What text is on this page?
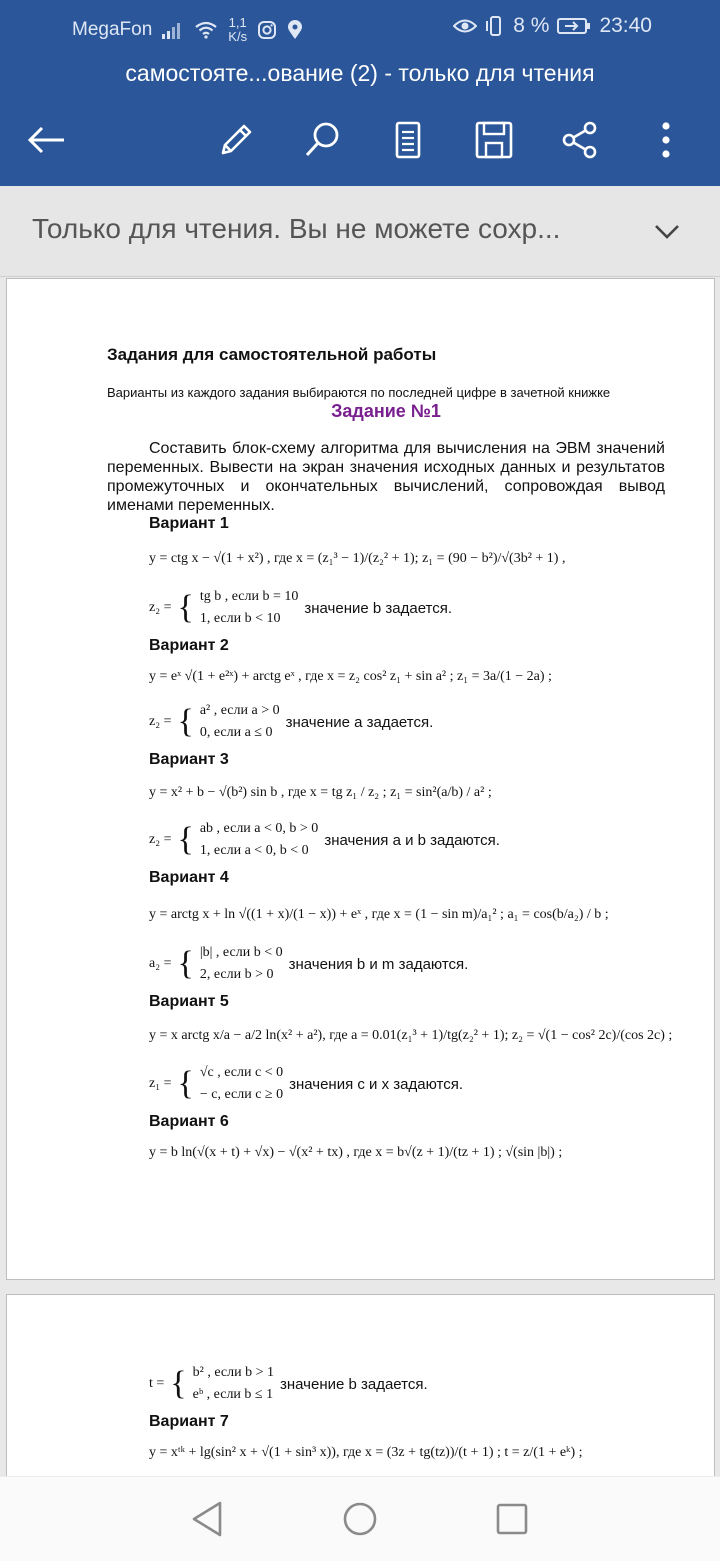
MegaFon	1,1
K/s	8 % 23:40
самостояте...ование (2) - только для чтения
Только для чтения. Вы не можете сохр...
Задания для самостоятельной работы
Варианты из каждого задания выбираются по последней цифре в зачетной книжке
Задание №1
Составить блок-схему алгоритма для вычисления на ЭВМ значений переменных. Вывести на экран значения исходных данных и результатов промежуточных и окончательных вычислений, сопровождая вывод именами переменных.
Вариант 1
y = ctg x − √(1 + x²) , где x = (z₁³ − 1)/(z₂² + 1); z₁ = (90 − b²)/√(3b² + 1) ,
z₂ = { tg b , если b = 10
1, если b < 10
значение b задается.
Вариант 2
y = eˣ √(1 + e²ˣ) + arctg eˣ , где x = z₂ cos² z₁ + sin a² ; z₁ = 3a/(1 − 2a) ;
z₂ = { a² , если a > 0
0, если a ≤ 0
значение a задается.
Вариант 3
y = x² + b − √(b²) sin b , где x = tg z₁ / z₂ ; z₁ = sin²(a/b) / a² ;
z₂ = { ab , если a < 0, b > 0
1, если a < 0, b < 0
значения a и b задаются.
Вариант 4
y = arctg x + ln √((1 + x)/(1 − x)) + eˣ , где x = (1 − sin m)/a₁² ; a₁ = cos(b/a₂) / b ;
a₂ = { |b| , если b < 0
2, если b > 0
значения b и m задаются.
Вариант 5
y = x arctg x/a − a/2 ln(x² + a²), где a = 0.01(z₁³ + 1)/tg(z₂² + 1); z₂ = √(1 − cos² 2c)/(cos 2c) ;
z₁ = { √c , если c < 0
− c, если c ≥ 0
значения c и x задаются.
Вариант 6
y = b ln(√(x + t) + √x) − √(x² + tx) , где x = b√(z + 1)/(tz + 1) ; √(sin |b|) ;
t = { b² , если b > 1
eᵇ , если b ≤ 1
значение b задается.
Вариант 7
y = xᵗᵏ + lg(sin² x + √(1 + sin³ x)), где x = (3z + tg(tz))/(t + 1) ; t = z/(1 + eᵏ) ;
